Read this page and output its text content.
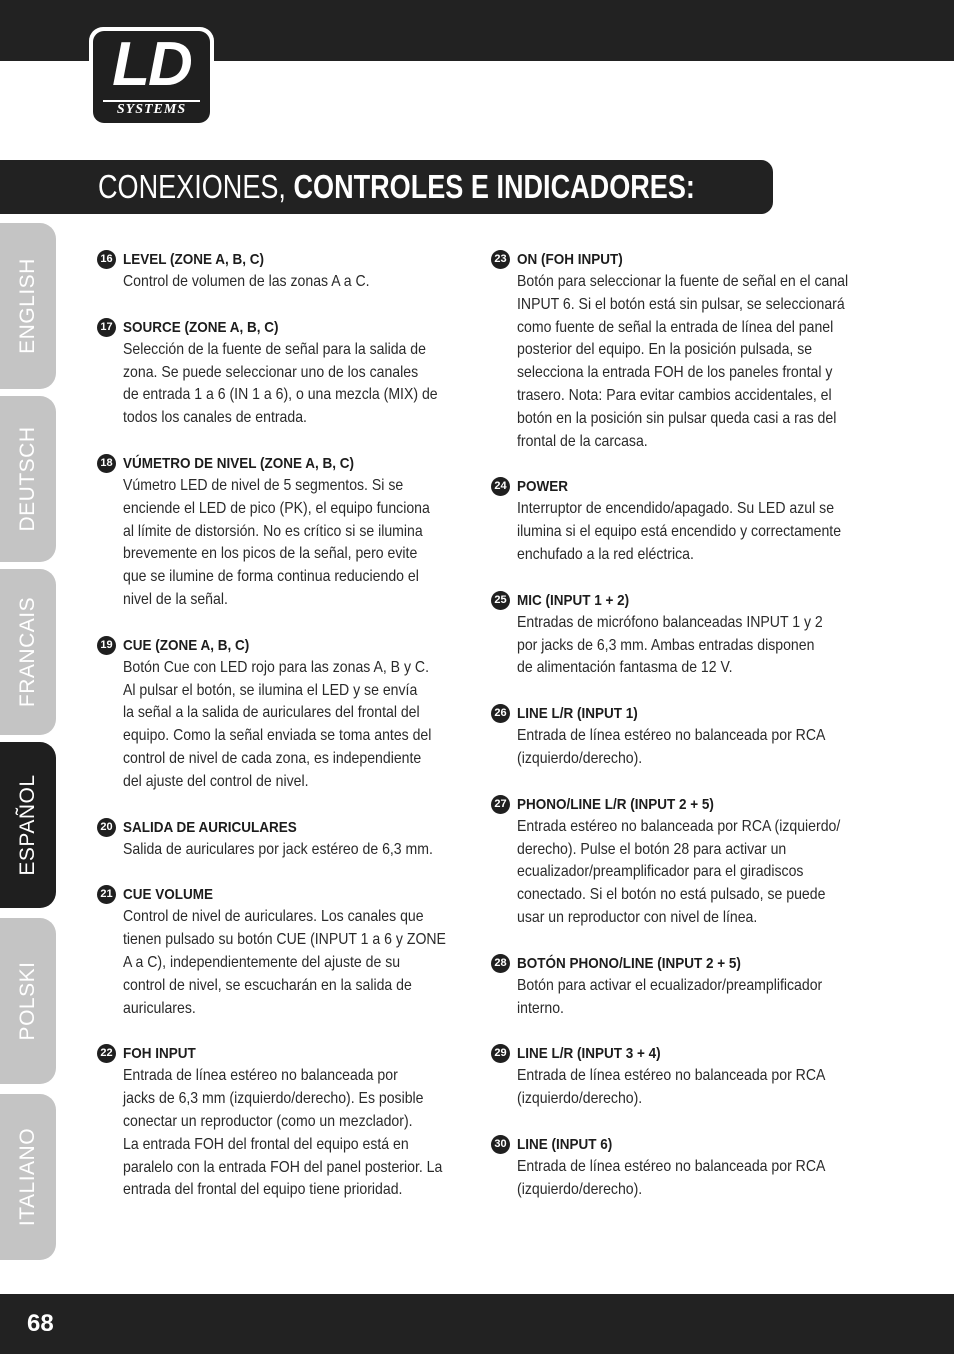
LD
SYSTEMS
CONEXIONES, CONTROLES E INDICADORES:
ENGLISH
DEUTSCH
FRANCAIS
ESPAÑOL
POLSKI
ITALIANO
16 LEVEL (ZONE A, B, C)
Control de volumen de las zonas A a C.
17 SOURCE (ZONE A, B, C)
Selección de la fuente de señal para la salida de
zona. Se puede seleccionar uno de los canales
de entrada 1 a 6 (IN 1 a 6), o una mezcla (MIX) de
todos los canales de entrada.
18 VÚMETRO DE NIVEL (ZONE A, B, C)
Vúmetro LED de nivel de 5 segmentos. Si se
enciende el LED de pico (PK), el equipo funciona
al límite de distorsión. No es crítico si se ilumina
brevemente en los picos de la señal, pero evite
que se ilumine de forma continua reduciendo el
nivel de la señal.
19 CUE (ZONE A, B, C)
Botón Cue con LED rojo para las zonas A, B y C.
Al pulsar el botón, se ilumina el LED y se envía
la señal a la salida de auriculares del frontal del
equipo. Como la señal enviada se toma antes del
control de nivel de cada zona, es independiente
del ajuste del control de nivel.
20 SALIDA DE AURICULARES
Salida de auriculares por jack estéreo de 6,3 mm.
21 CUE VOLUME
Control de nivel de auriculares. Los canales que
tienen pulsado su botón CUE (INPUT 1 a 6 y ZONE
A a C), independientemente del ajuste de su
control de nivel, se escucharán en la salida de
auriculares.
22 FOH INPUT
Entrada de línea estéreo no balanceada por
jacks de 6,3 mm (izquierdo/derecho). Es posible
conectar un reproductor (como un mezclador).
La entrada FOH del frontal del equipo está en
paralelo con la entrada FOH del panel posterior. La
entrada del frontal del equipo tiene prioridad.
23 ON (FOH INPUT)
Botón para seleccionar la fuente de señal en el canal
INPUT 6. Si el botón está sin pulsar, se seleccionará
como fuente de señal la entrada de línea del panel
posterior del equipo. En la posición pulsada, se
selecciona la entrada FOH de los paneles frontal y
trasero. Nota: Para evitar cambios accidentales, el
botón en la posición sin pulsar queda casi a ras del
frontal de la carcasa.
24 POWER
Interruptor de encendido/apagado. Su LED azul se
ilumina si el equipo está encendido y correctamente
enchufado a la red eléctrica.
25 MIC (INPUT 1 + 2)
Entradas de micrófono balanceadas INPUT 1 y 2
por jacks de 6,3 mm. Ambas entradas disponen
de alimentación fantasma de 12 V.
26 LINE L/R (INPUT 1)
Entrada de línea estéreo no balanceada por RCA
(izquierdo/derecho).
27 PHONO/LINE L/R (INPUT 2 + 5)
Entrada estéreo no balanceada por RCA (izquierdo/
derecho). Pulse el botón 28 para activar un
ecualizador/preamplificador para el giradiscos
conectado. Si el botón no está pulsado, se puede
usar un reproductor con nivel de línea.
28 BOTÓN PHONO/LINE (INPUT 2 + 5)
Botón para activar el ecualizador/preamplificador
interno.
29 LINE L/R (INPUT 3 + 4)
Entrada de línea estéreo no balanceada por RCA
(izquierdo/derecho).
30 LINE (INPUT 6)
Entrada de línea estéreo no balanceada por RCA
(izquierdo/derecho).
68
